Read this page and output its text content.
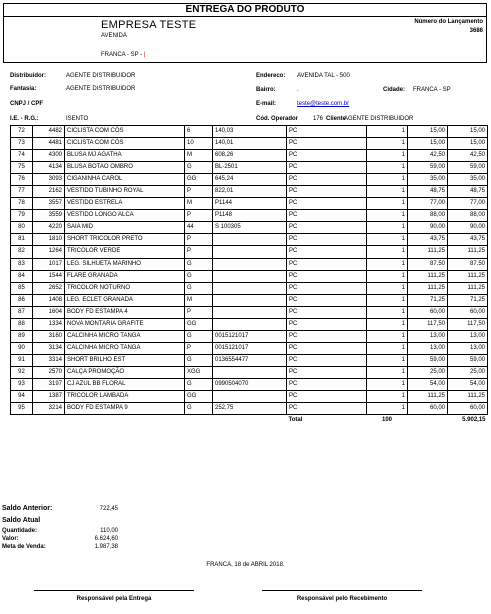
ENTREGA DO PRODUTO
EMPRESA TESTE
AVENIDA
FRANCA - SP - |
Número do Lançamento
3686
Distribuidor:	AGENTE DISTRIBUIDOR
Fantasia:	AGENTE DISTRIBUIDOR
CNPJ / CPF
I.E. - R.G.:	ISENTO
Endereco: AVENIDA TAL - 500
Bairro:	.	Cidade: FRANCA - SP
E-mail:	teste@teste.com.br
Cód. Operador 176 Cliente
AGENTE DISTRIBUIDOR
72	4482	CICLISTA COM CÓS	6	140,03	PC	1	15,00	15,00
73	4481	CICLISTA COM CÓS	10	140,01	PC	1	15,00	15,00
74	4300	BLUSA MJ AGATHA	M	608,26	PC	1	42,50	42,50
75	4134	BLUSA BOTAO OMBRO	G	BL-2501	PC	1	59,00	59,00
76	3093	CIGANINHA CAROL	GG	645,24	PC	1	35,00	35,00
77	2162	VESTIDO TUBINHO ROYAL	P	822,01	PC	1	48,75	48,75
78	3557	VESTIDO ESTRELA	M	P1144	PC	1	77,00	77,00
79	3559	VESTIDO LONGO ALCA	P	P1148	PC	1	88,00	88,00
80	4220	SAIA MID	44	S 100305	PC	1	90,00	90,00
81	1810	SHORT TRICOLOR PRETO	P		PC	1	43,75	43,75
82	1264	TRICOLOR VERDE	P		PC	1	111,25	111,25
83	1017	LEG. SILHUETA MARINHO	G		PC	1	87,50	87,50
84	1544	FLARE GRANADA	G		PC	1	111,25	111,25
85	2652	TRICOLOR NOTURNO	G		PC	1	111,25	111,25
86	1408	LEG. ECLET GRANADA	M		PC	1	71,25	71,25
87	1604	BODY FD ESTAMPA 4	P		PC	1	60,00	60,00
88	1334	NOVA MONTARIA GRAFITE	GG		PC	1	117,50	117,50
89	3160	CALCINHA MICRO TANGA	G	0015121017	PC	1	13,00	13,00
90	3134	CALCINHA MICRO TANGA	P	0015121017	PC	1	13,00	13,00
91	3314	SHORT BRILHO EST	G	0136554477	PC	1	59,00	59,00
92	2570	CALÇA PROMOÇÃO	XGG		PC	1	25,00	25,00
93	3197	CJ AZUL BB FLORAL	G	0990504070	PC	1	54,00	54,00
94	1387	TRICOLOR LAMBADA	GG		PC	1	111,25	111,25
95	3214	BODY FD ESTAMPA 9	G	252,75	PC	1	60,00	60,00
					Total	100		5.902,15
Saldo Anterior:	722,45
Saldo Atual
Quantidade:	110,00
Valor:	6.624,60
Meta de Venda:	1.987,38
FRANCA, 18 de ABRIL 2018.
Responsável pela Entrega	Responsável pelo Recebimento
